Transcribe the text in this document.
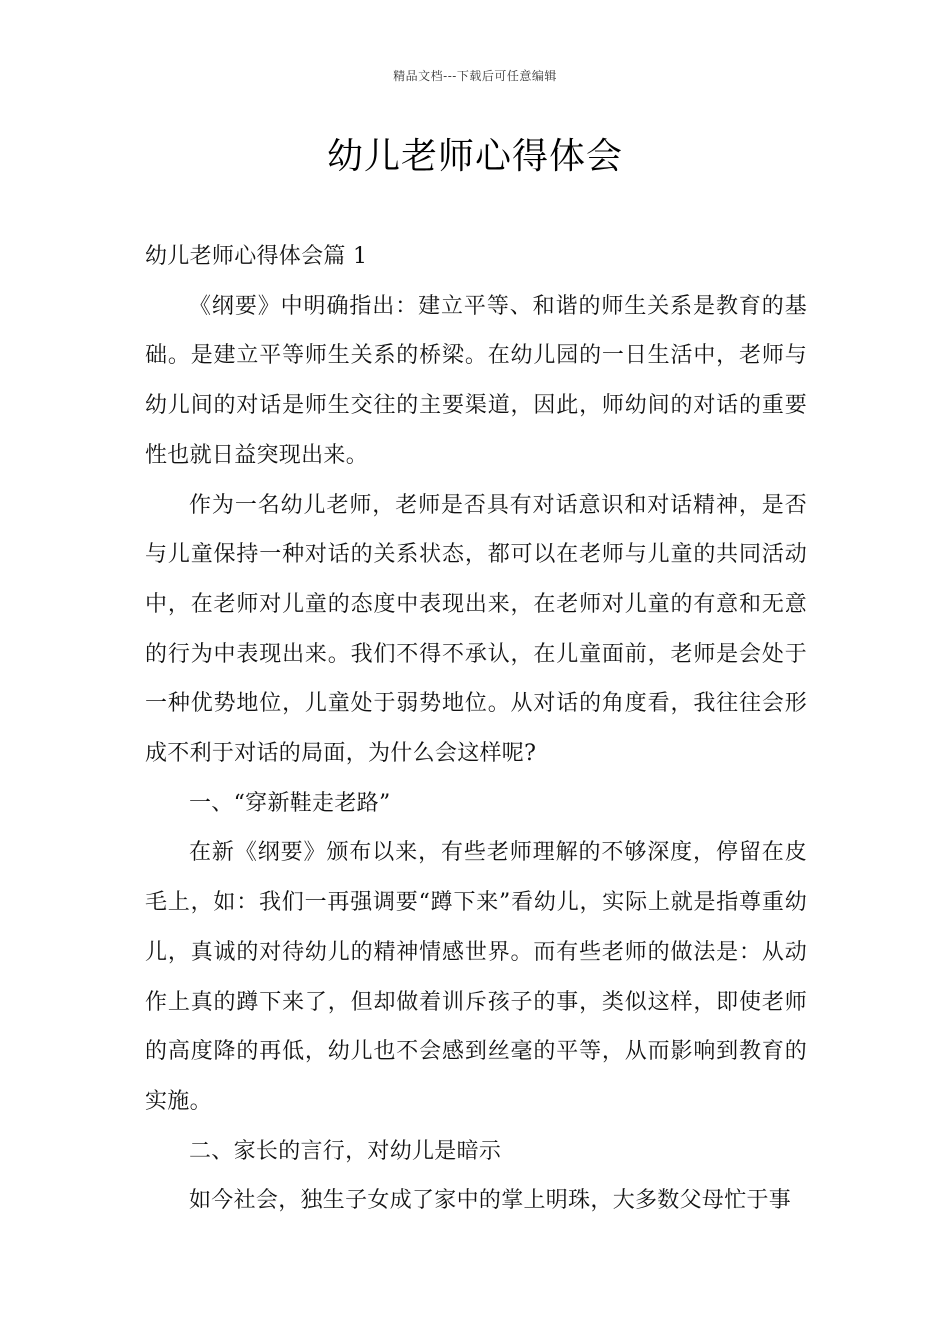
精品文档---下载后可任意编辑
幼儿老师心得体会

幼儿老师心得体会篇 1

《纲要》中明确指出：建立平等、和谐的师生关系是教育的基础。是建立平等师生关系的桥梁。在幼儿园的一日生活中，老师与幼儿间的对话是师生交往的主要渠道，因此，师幼间的对话的重要性也就日益突现出来。

作为一名幼儿老师，老师是否具有对话意识和对话精神，是否与儿童保持一种对话的关系状态，都可以在老师与儿童的共同活动中，在老师对儿童的态度中表现出来，在老师对儿童的有意和无意的行为中表现出来。我们不得不承认，在儿童面前，老师是会处于一种优势地位，儿童处于弱势地位。从对话的角度看，我往往会形成不利于对话的局面，为什么会这样呢?

一、“穿新鞋走老路”

在新《纲要》颁布以来，有些老师理解的不够深度，停留在皮毛上，如：我们一再强调要“蹲下来”看幼儿，实际上就是指尊重幼儿，真诚的对待幼儿的精神情感世界。而有些老师的做法是：从动作上真的蹲下来了，但却做着训斥孩子的事，类似这样，即使老师的高度降的再低，幼儿也不会感到丝毫的平等，从而影响到教育的实施。

二、家长的言行，对幼儿是暗示

如今社会，独生子女成了家中的掌上明珠，大多数父母忙于事
